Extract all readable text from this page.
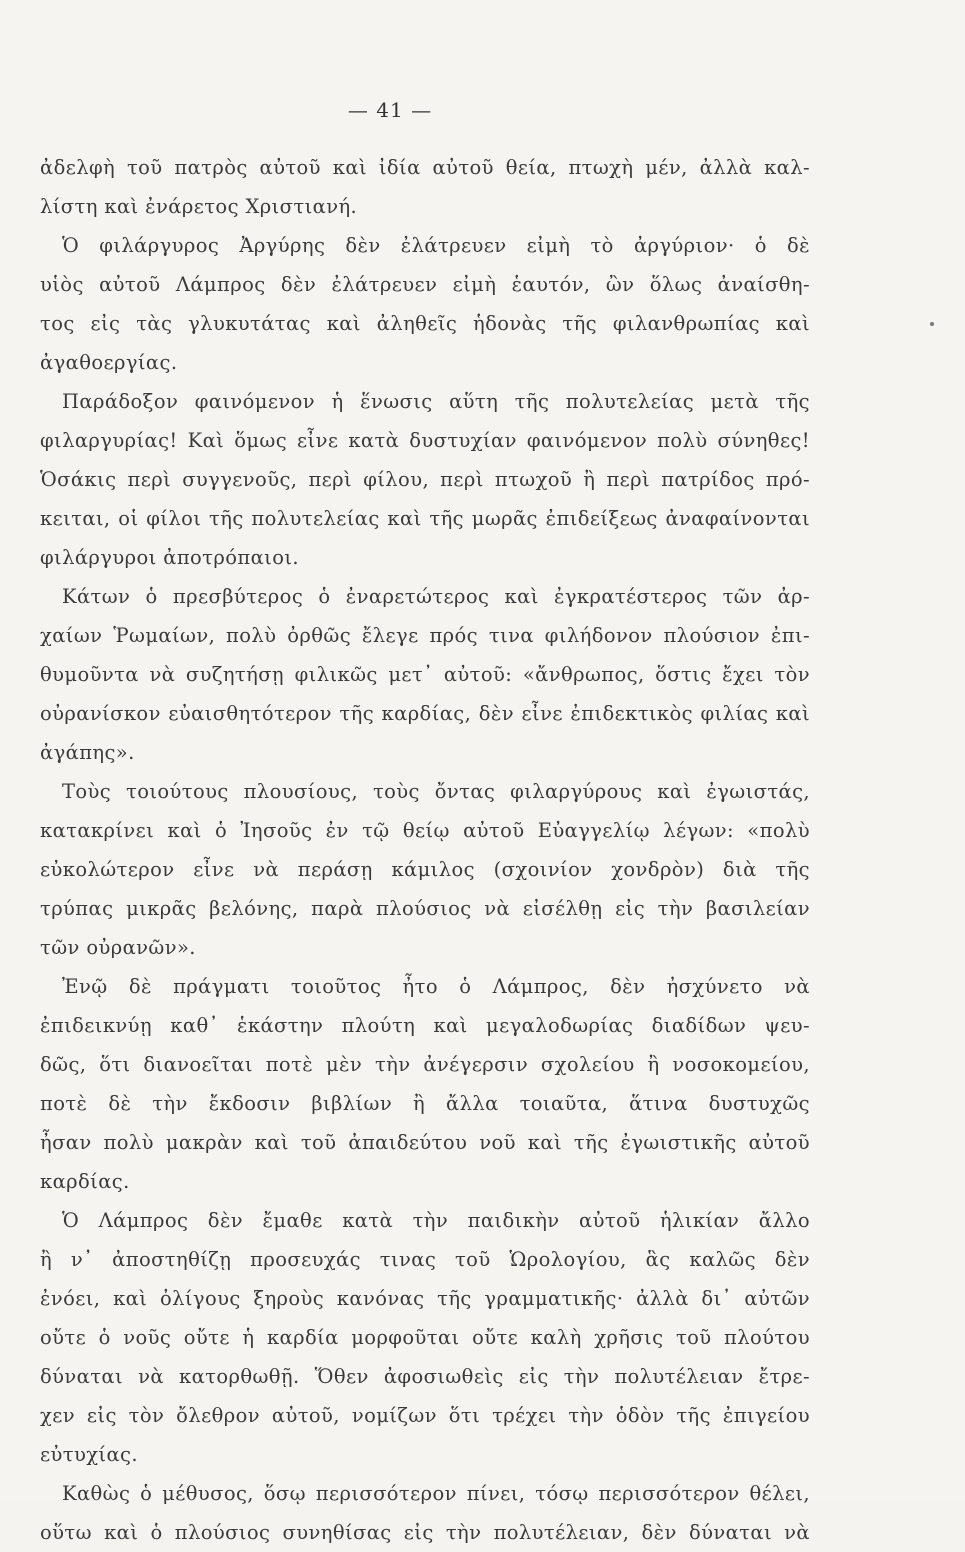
— 41 —
ἀδελφὴ τοῦ πατρὸς αὐτοῦ καὶ ἰδία αὐτοῦ θεία, πτωχὴ μέν, ἀλλὰ καλ-
λίστη καὶ ἐνάρετος Χριστιανή.
Ὁ φιλάργυρος Ἀργύρης δὲν ἐλάτρευεν εἰμὴ τὸ ἀργύριον· ὁ δὲ
υἱὸς αὐτοῦ Λάμπρος δὲν ἐλάτρευεν εἰμὴ ἑαυτόν, ὢν ὅλως ἀναίσθη-
τος εἰς τὰς γλυκυτάτας καὶ ἀληθεῖς ἡδονὰς τῆς φιλανθρωπίας καὶ
ἀγαθοεργίας.
Παράδοξον φαινόμενον ἡ ἕνωσις αὕτη τῆς πολυτελείας μετὰ τῆς
φιλαργυρίας! Καὶ ὅμως εἶνε κατὰ δυστυχίαν φαινόμενον πολὺ σύνηθες!
Ὁσάκις περὶ συγγενοῦς, περὶ φίλου, περὶ πτωχοῦ ἢ περὶ πατρίδος πρό-
κειται, οἱ φίλοι τῆς πολυτελείας καὶ τῆς μωρᾶς ἐπιδείξεως ἀναφαίνονται
φιλάργυροι ἀποτρόπαιοι.
Κάτων ὁ πρεσβύτερος ὁ ἐναρετώτερος καὶ ἐγκρατέστερος τῶν ἀρ-
χαίων Ῥωμαίων, πολὺ ὀρθῶς ἔλεγε πρός τινα φιλήδονον πλούσιον ἐπι-
θυμοῦντα νὰ συζητήσῃ φιλικῶς μετ᾽ αὐτοῦ: «ἄνθρωπος, ὅστις ἔχει τὸν
οὐρανίσκον εὐαισθητότερον τῆς καρδίας, δὲν εἶνε ἐπιδεκτικὸς φιλίας καὶ
ἀγάπης».
Τοὺς τοιούτους πλουσίους, τοὺς ὄντας φιλαργύρους καὶ ἐγωιστάς,
κατακρίνει καὶ ὁ Ἰησοῦς ἐν τῷ θείῳ αὐτοῦ Εὐαγγελίῳ λέγων: «πολὺ
εὐκολώτερον εἶνε νὰ περάσῃ κάμιλος (σχοινίον χονδρὸν) διὰ τῆς
τρύπας μικρᾶς βελόνης, παρὰ πλούσιος νὰ εἰσέλθῃ εἰς τὴν βασιλείαν
τῶν οὐρανῶν».
Ἐνῷ δὲ πράγματι τοιοῦτος ἦτο ὁ Λάμπρος, δὲν ἠσχύνετο νὰ
ἐπιδεικνύῃ καθ᾽ ἑκάστην πλούτη καὶ μεγαλοδωρίας διαδίδων ψευ-
δῶς, ὅτι διανοεῖται ποτὲ μὲν τὴν ἀνέγερσιν σχολείου ἢ νοσοκομείου,
ποτὲ δὲ τὴν ἔκδοσιν βιβλίων ἢ ἄλλα τοιαῦτα, ἅτινα δυστυχῶς
ἦσαν πολὺ μακρὰν καὶ τοῦ ἀπαιδεύτου νοῦ καὶ τῆς ἐγωιστικῆς αὐτοῦ
καρδίας.
Ὁ Λάμπρος δὲν ἔμαθε κατὰ τὴν παιδικὴν αὐτοῦ ἡλικίαν ἄλλο
ἢ ν᾽ ἀποστηθίζῃ προσευχάς τινας τοῦ Ὡρολογίου, ἃς καλῶς δὲν
ἐνόει, καὶ ὀλίγους ξηροὺς κανόνας τῆς γραμματικῆς· ἀλλὰ δι᾽ αὐτῶν
οὔτε ὁ νοῦς οὔτε ἡ καρδία μορφοῦται οὔτε καλὴ χρῆσις τοῦ πλούτου
δύναται νὰ κατορθωθῇ. Ὅθεν ἀφοσιωθεὶς εἰς τὴν πολυτέλειαν ἔτρε-
χεν εἰς τὸν ὄλεθρον αὐτοῦ, νομίζων ὅτι τρέχει τὴν ὁδὸν τῆς ἐπιγείου
εὐτυχίας.
Καθὼς ὁ μέθυσος, ὅσῳ περισσότερον πίνει, τόσῳ περισσότερον θέλει,
οὕτω καὶ ὁ πλούσιος συνηθίσας εἰς τὴν πολυτέλειαν, δὲν δύναται νὰ
